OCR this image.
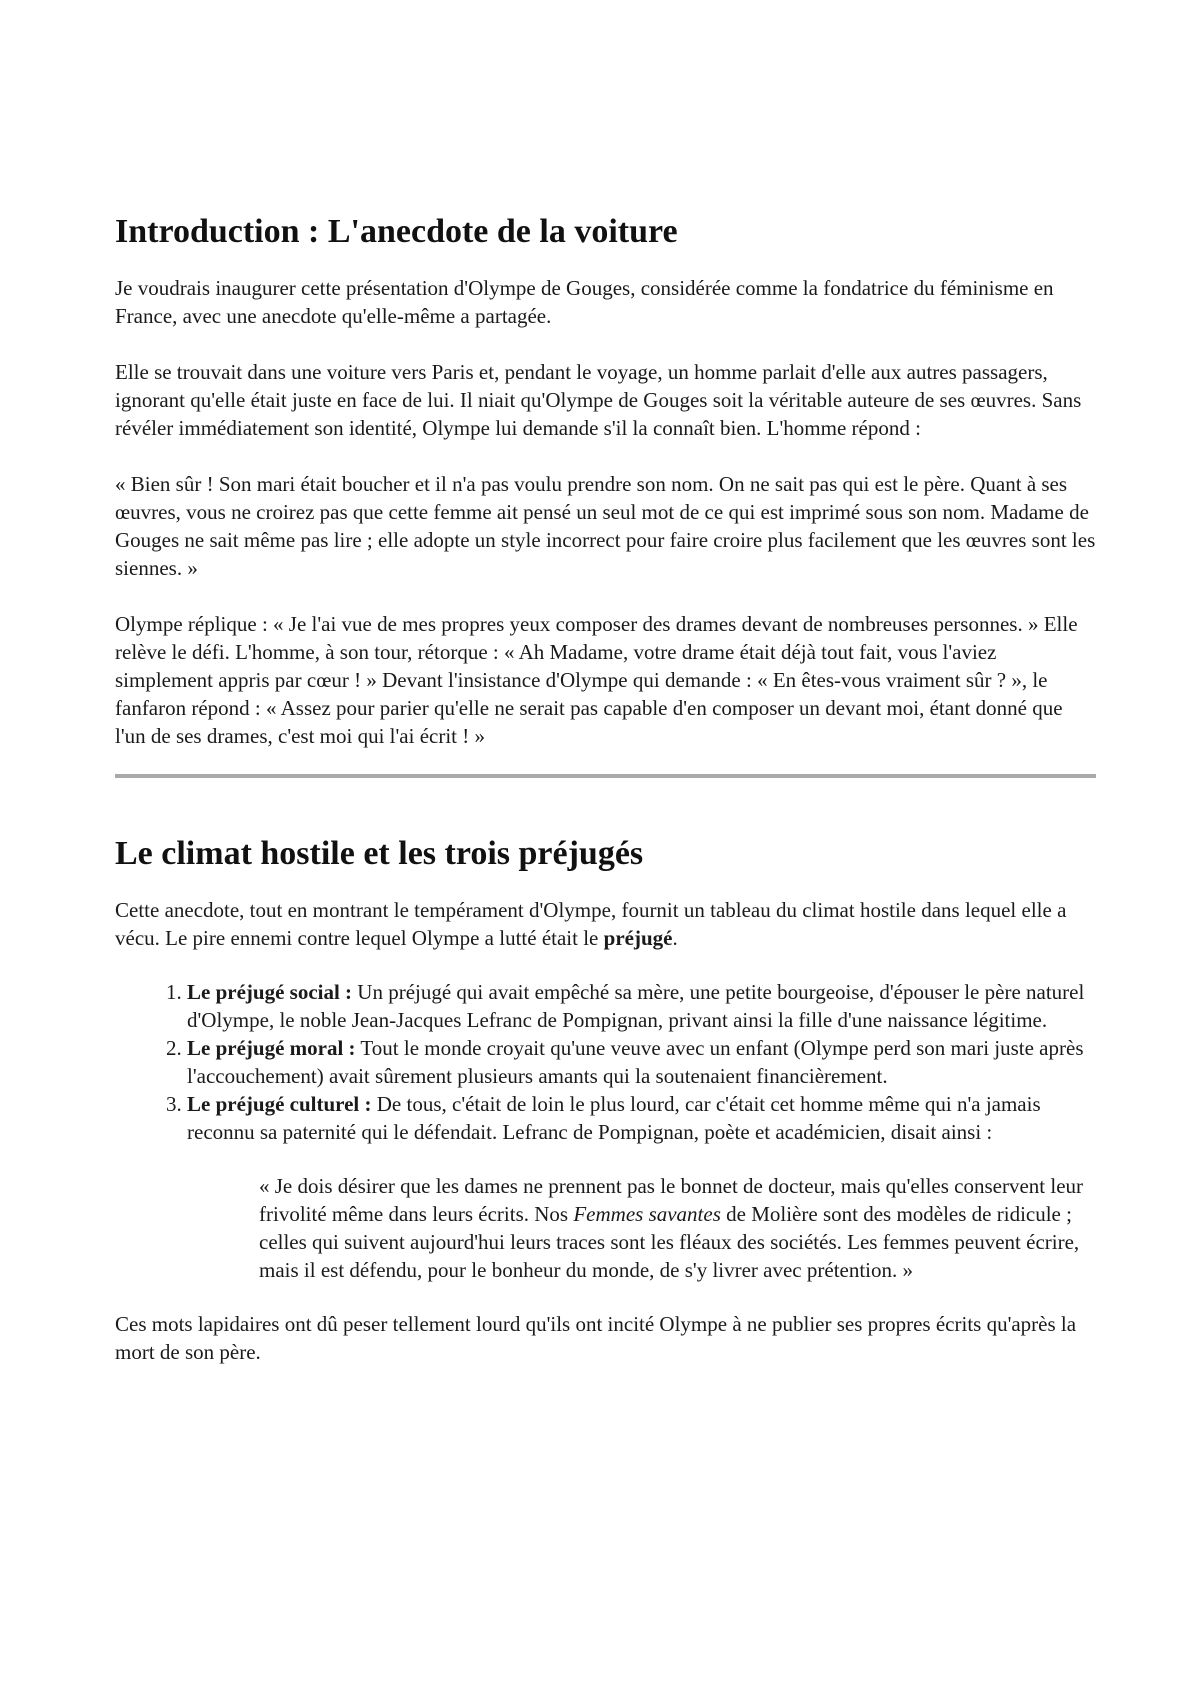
Introduction : L'anecdote de la voiture

Je voudrais inaugurer cette présentation d'Olympe de Gouges, considérée comme la fondatrice du féminisme en France, avec une anecdote qu'elle-même a partagée.

Elle se trouvait dans une voiture vers Paris et, pendant le voyage, un homme parlait d'elle aux autres passagers, ignorant qu'elle était juste en face de lui. Il niait qu'Olympe de Gouges soit la véritable auteure de ses œuvres. Sans révéler immédiatement son identité, Olympe lui demande s'il la connaît bien. L'homme répond :

« Bien sûr ! Son mari était boucher et il n'a pas voulu prendre son nom. On ne sait pas qui est le père. Quant à ses œuvres, vous ne croirez pas que cette femme ait pensé un seul mot de ce qui est imprimé sous son nom. Madame de Gouges ne sait même pas lire ; elle adopte un style incorrect pour faire croire plus facilement que les œuvres sont les siennes. »

Olympe réplique : « Je l'ai vue de mes propres yeux composer des drames devant de nombreuses personnes. » Elle relève le défi. L'homme, à son tour, rétorque : « Ah Madame, votre drame était déjà tout fait, vous l'aviez simplement appris par cœur ! » Devant l'insistance d'Olympe qui demande : « En êtes-vous vraiment sûr ? », le fanfaron répond : « Assez pour parier qu'elle ne serait pas capable d'en composer un devant moi, étant donné que l'un de ses drames, c'est moi qui l'ai écrit ! »

Le climat hostile et les trois préjugés

Cette anecdote, tout en montrant le tempérament d'Olympe, fournit un tableau du climat hostile dans lequel elle a vécu. Le pire ennemi contre lequel Olympe a lutté était le préjugé.

1. Le préjugé social : Un préjugé qui avait empêché sa mère, une petite bourgeoise, d'épouser le père naturel d'Olympe, le noble Jean-Jacques Lefranc de Pompignan, privant ainsi la fille d'une naissance légitime.
2. Le préjugé moral : Tout le monde croyait qu'une veuve avec un enfant (Olympe perd son mari juste après l'accouchement) avait sûrement plusieurs amants qui la soutenaient financièrement.
3. Le préjugé culturel : De tous, c'était de loin le plus lourd, car c'était cet homme même qui n'a jamais reconnu sa paternité qui le défendait. Lefranc de Pompignan, poète et académicien, disait ainsi :
« Je dois désirer que les dames ne prennent pas le bonnet de docteur, mais qu'elles conservent leur frivolité même dans leurs écrits. Nos Femmes savantes de Molière sont des modèles de ridicule ; celles qui suivent aujourd'hui leurs traces sont les fléaux des sociétés. Les femmes peuvent écrire, mais il est défendu, pour le bonheur du monde, de s'y livrer avec prétention. »

Ces mots lapidaires ont dû peser tellement lourd qu'ils ont incité Olympe à ne publier ses propres écrits qu'après la mort de son père.
